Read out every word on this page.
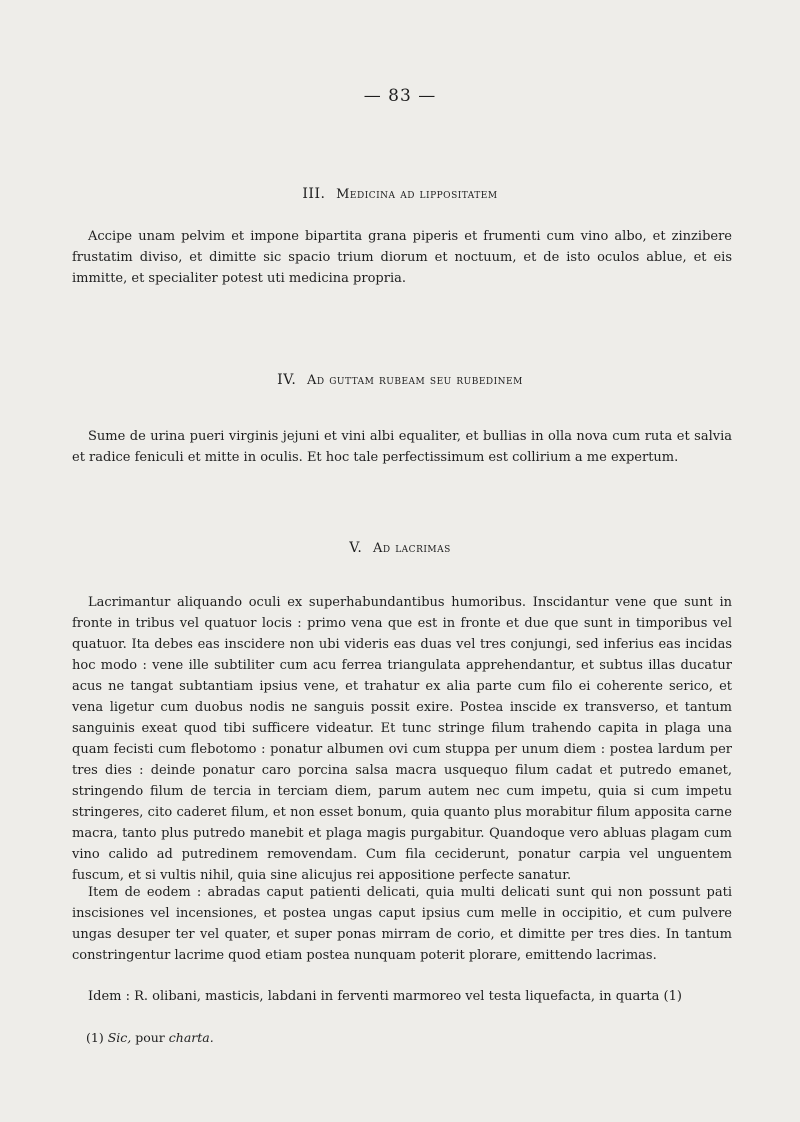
— 83 —
III. Medicina ad lippositatem

Accipe unam pelvim et impone bipartita grana piperis et frumenti cum vino albo, et zinzibere frustatim diviso, et dimitte sic spacio trium diorum et noctuum, et de isto oculos ablue, et eis immitte, et specialiter potest uti medicina propria.

IV. Ad guttam rubeam seu rubedinem

Sume de urina pueri virginis jejuni et vini albi equaliter, et bullias in olla nova cum ruta et salvia et radice feniculi et mitte in oculis. Et hoc tale perfectissimum est collirium a me expertum.

V. Ad lacrimas

Lacrimantur aliquando oculi ex superhabundantibus humoribus. Inscidantur vene que sunt in fronte in tribus vel quatuor locis : primo vena que est in fronte et due que sunt in timporibus vel quatuor. Ita debes eas inscidere non ubi videris eas duas vel tres conjungi, sed inferius eas incidas hoc modo : vene ille subtiliter cum acu ferrea triangulata apprehendantur, et subtus illas ducatur acus ne tangat subtantiam ipsius vene, et trahatur ex alia parte cum filo ei coherente serico, et vena ligetur cum duobus nodis ne sanguis possit exire. Postea inscide ex transverso, et tantum sanguinis exeat quod tibi sufficere videatur. Et tunc stringe filum trahendo capita in plaga una quam fecisti cum flebotomo : ponatur albumen ovi cum stuppa per unum diem : postea lardum per tres dies : deinde ponatur caro porcina salsa macra usquequo filum cadat et putredo emanet, stringendo filum de tercia in terciam diem, parum autem nec cum impetu, quia si cum impetu stringeres, cito caderet filum, et non esset bonum, quia quanto plus morabitur filum apposita carne macra, tanto plus putredo manebit et plaga magis purgabitur. Quandoque vero abluas plagam cum vino calido ad putredinem removendam. Cum fila ceciderunt, ponatur carpia vel unguentem fuscum, et si vultis nihil, quia sine alicujus rei appositione perfecte sanatur.

Item de eodem : abradas caput patienti delicati, quia multi delicati sunt qui non possunt pati inscisiones vel incensiones, et postea ungas caput ipsius cum melle in occipitio, et cum pulvere ungas desuper ter vel quater, et super ponas mirram de corio, et dimitte per tres dies. In tantum constringentur lacrime quod etiam postea nunquam poterit plorare, emittendo lacrimas.

Idem : R. olibani, masticis, labdani in ferventi marmoreo vel testa liquefacta, in quarta (1)

(1) Sic, pour charta.
